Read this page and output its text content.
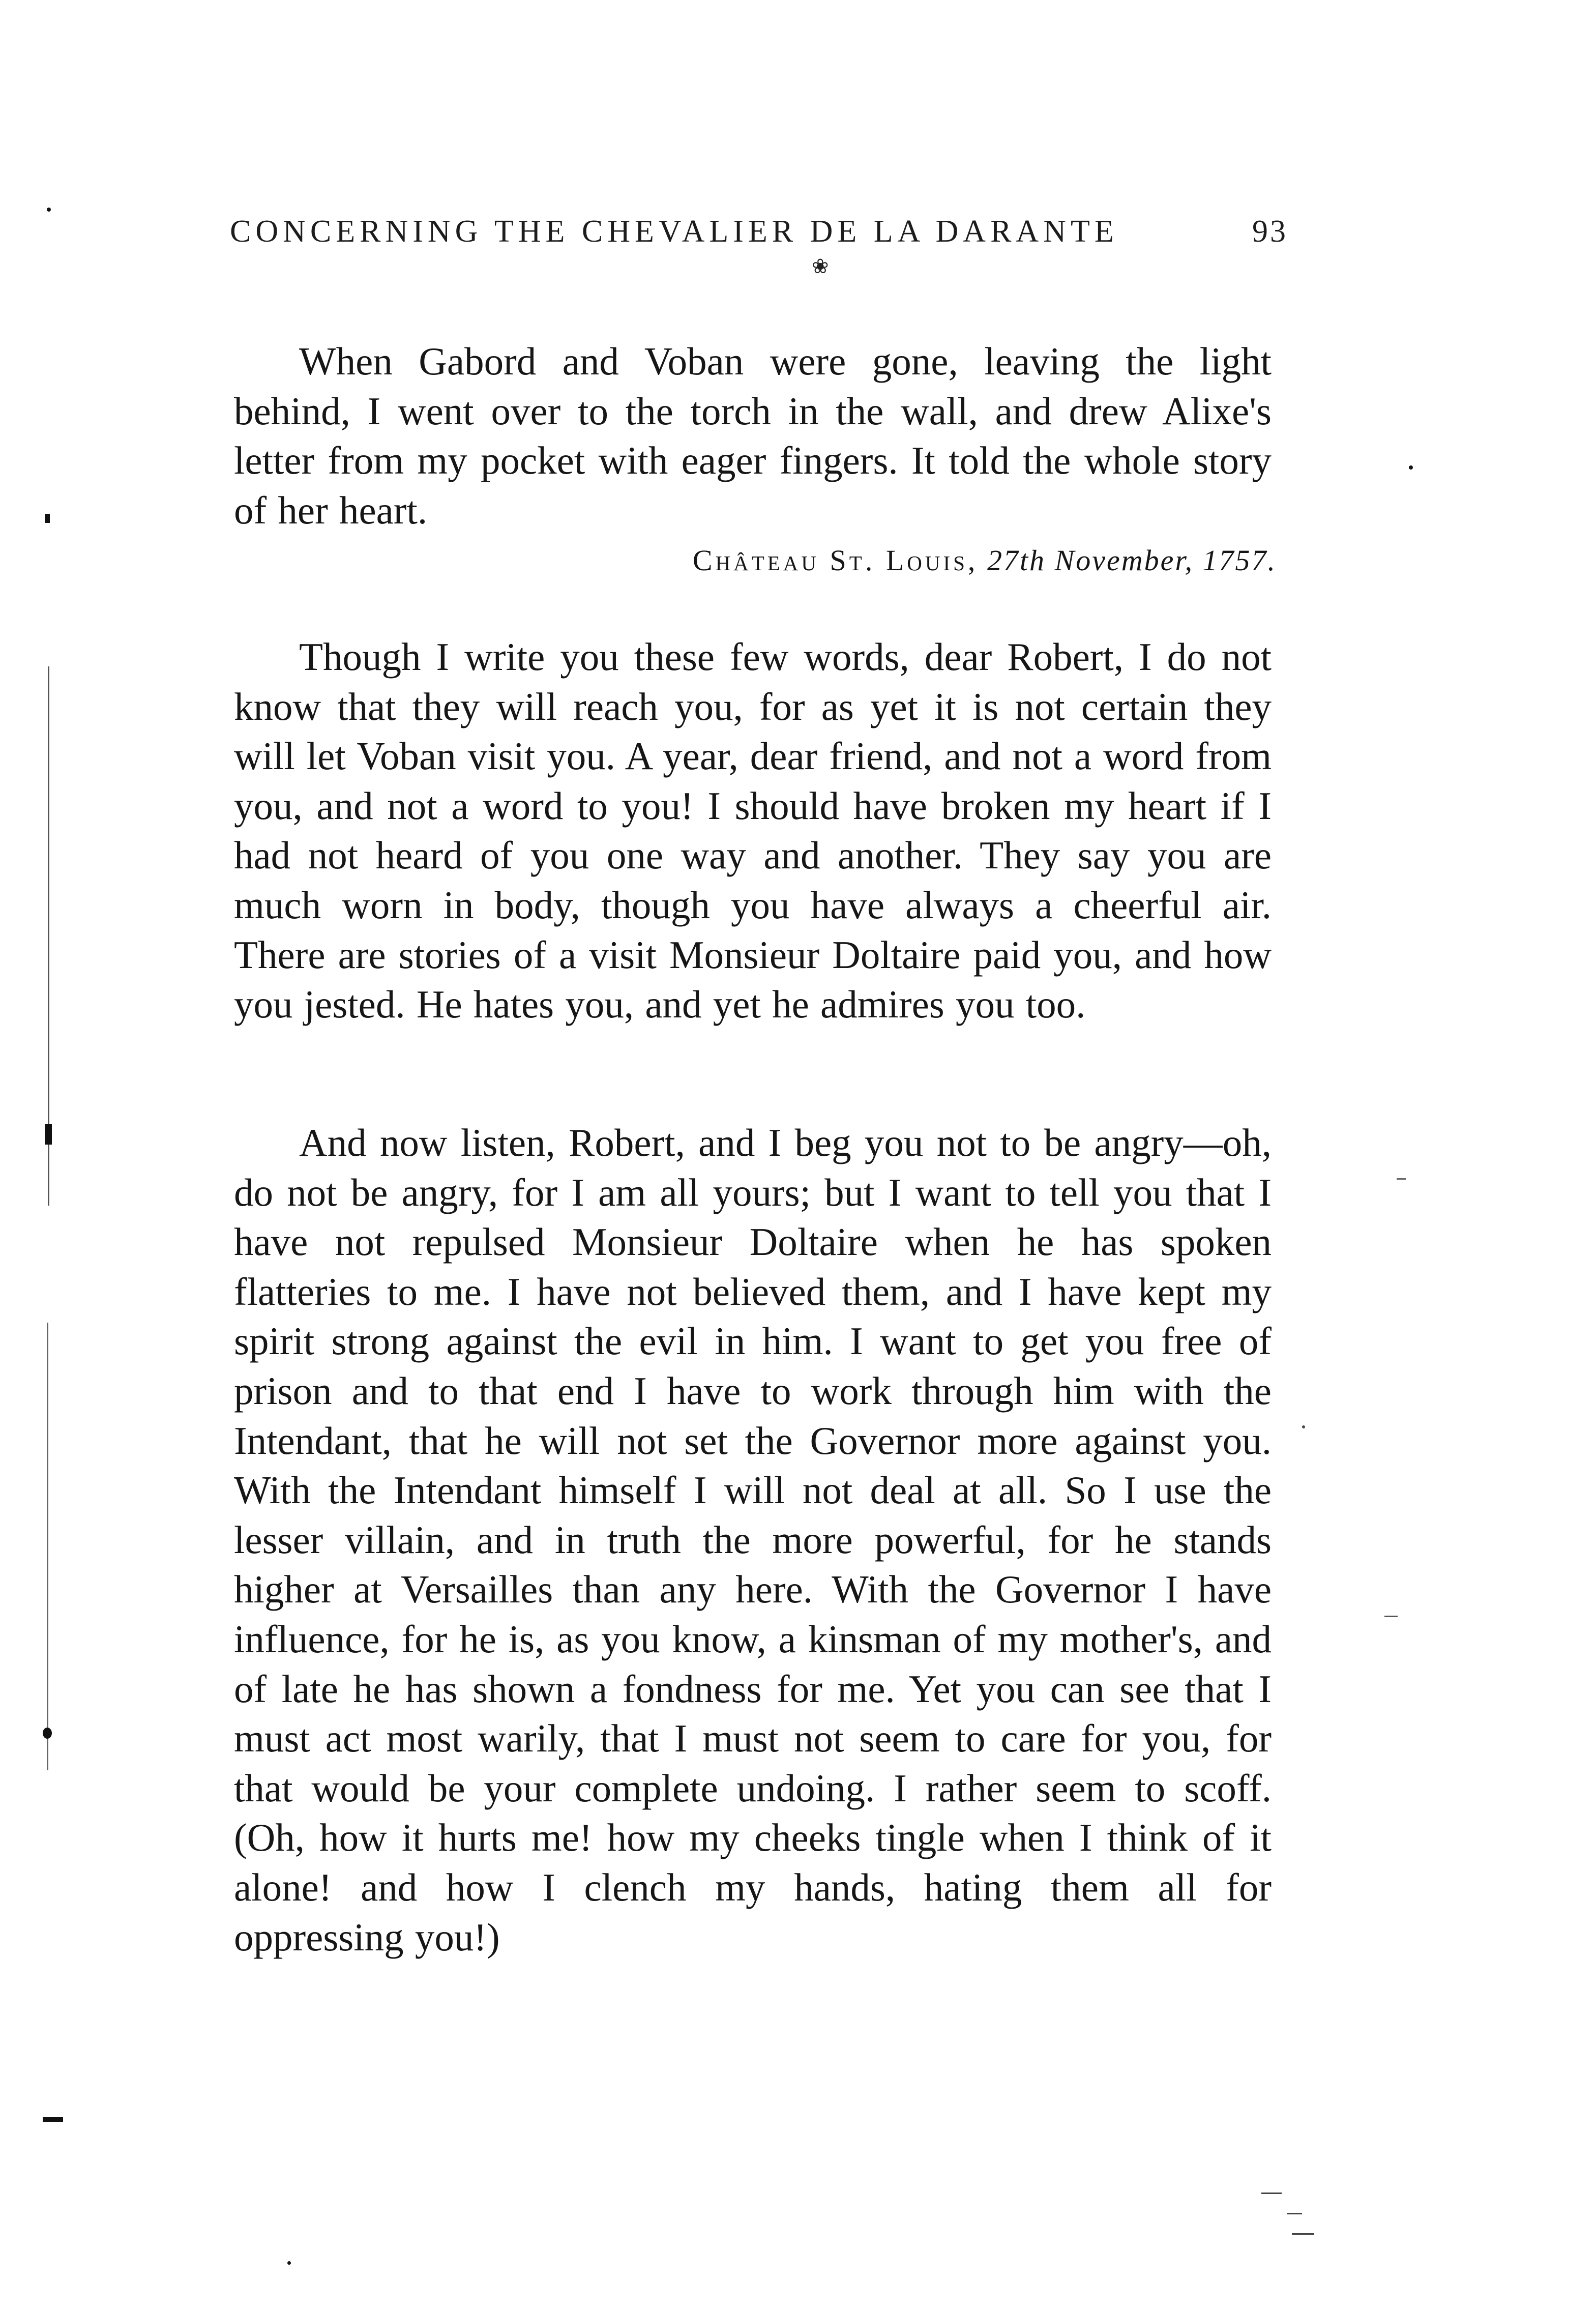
CONCERNING THE CHEVALIER DE LA DARANTE	93
❀

When Gabord and Voban were gone, leaving the light behind, I went over to the torch in the wall, and drew Alixe's letter from my pocket with eager fingers. It told the whole story of her heart.

Château St. Louis, 27th November, 1757.

Though I write you these few words, dear Robert, I do not know that they will reach you, for as yet it is not certain they will let Voban visit you. A year, dear friend, and not a word from you, and not a word to you! I should have broken my heart if I had not heard of you one way and another. They say you are much worn in body, though you have always a cheerful air. There are stories of a visit Monsieur Doltaire paid you, and how you jested. He hates you, and yet he admires you too.

And now listen, Robert, and I beg you not to be angry—oh, do not be angry, for I am all yours; but I want to tell you that I have not repulsed Monsieur Doltaire when he has spoken flatteries to me. I have not believed them, and I have kept my spirit strong against the evil in him. I want to get you free of prison and to that end I have to work through him with the Intendant, that he will not set the Governor more against you. With the Intendant himself I will not deal at all. So I use the lesser villain, and in truth the more powerful, for he stands higher at Versailles than any here. With the Governor I have influence, for he is, as you know, a kinsman of my mother's, and of late he has shown a fondness for me. Yet you can see that I must act most warily, that I must not seem to care for you, for that would be your complete undoing. I rather seem to scoff. (Oh, how it hurts me! how my cheeks tingle when I think of it alone! and how I clench my hands, hating them all for oppressing you!)
